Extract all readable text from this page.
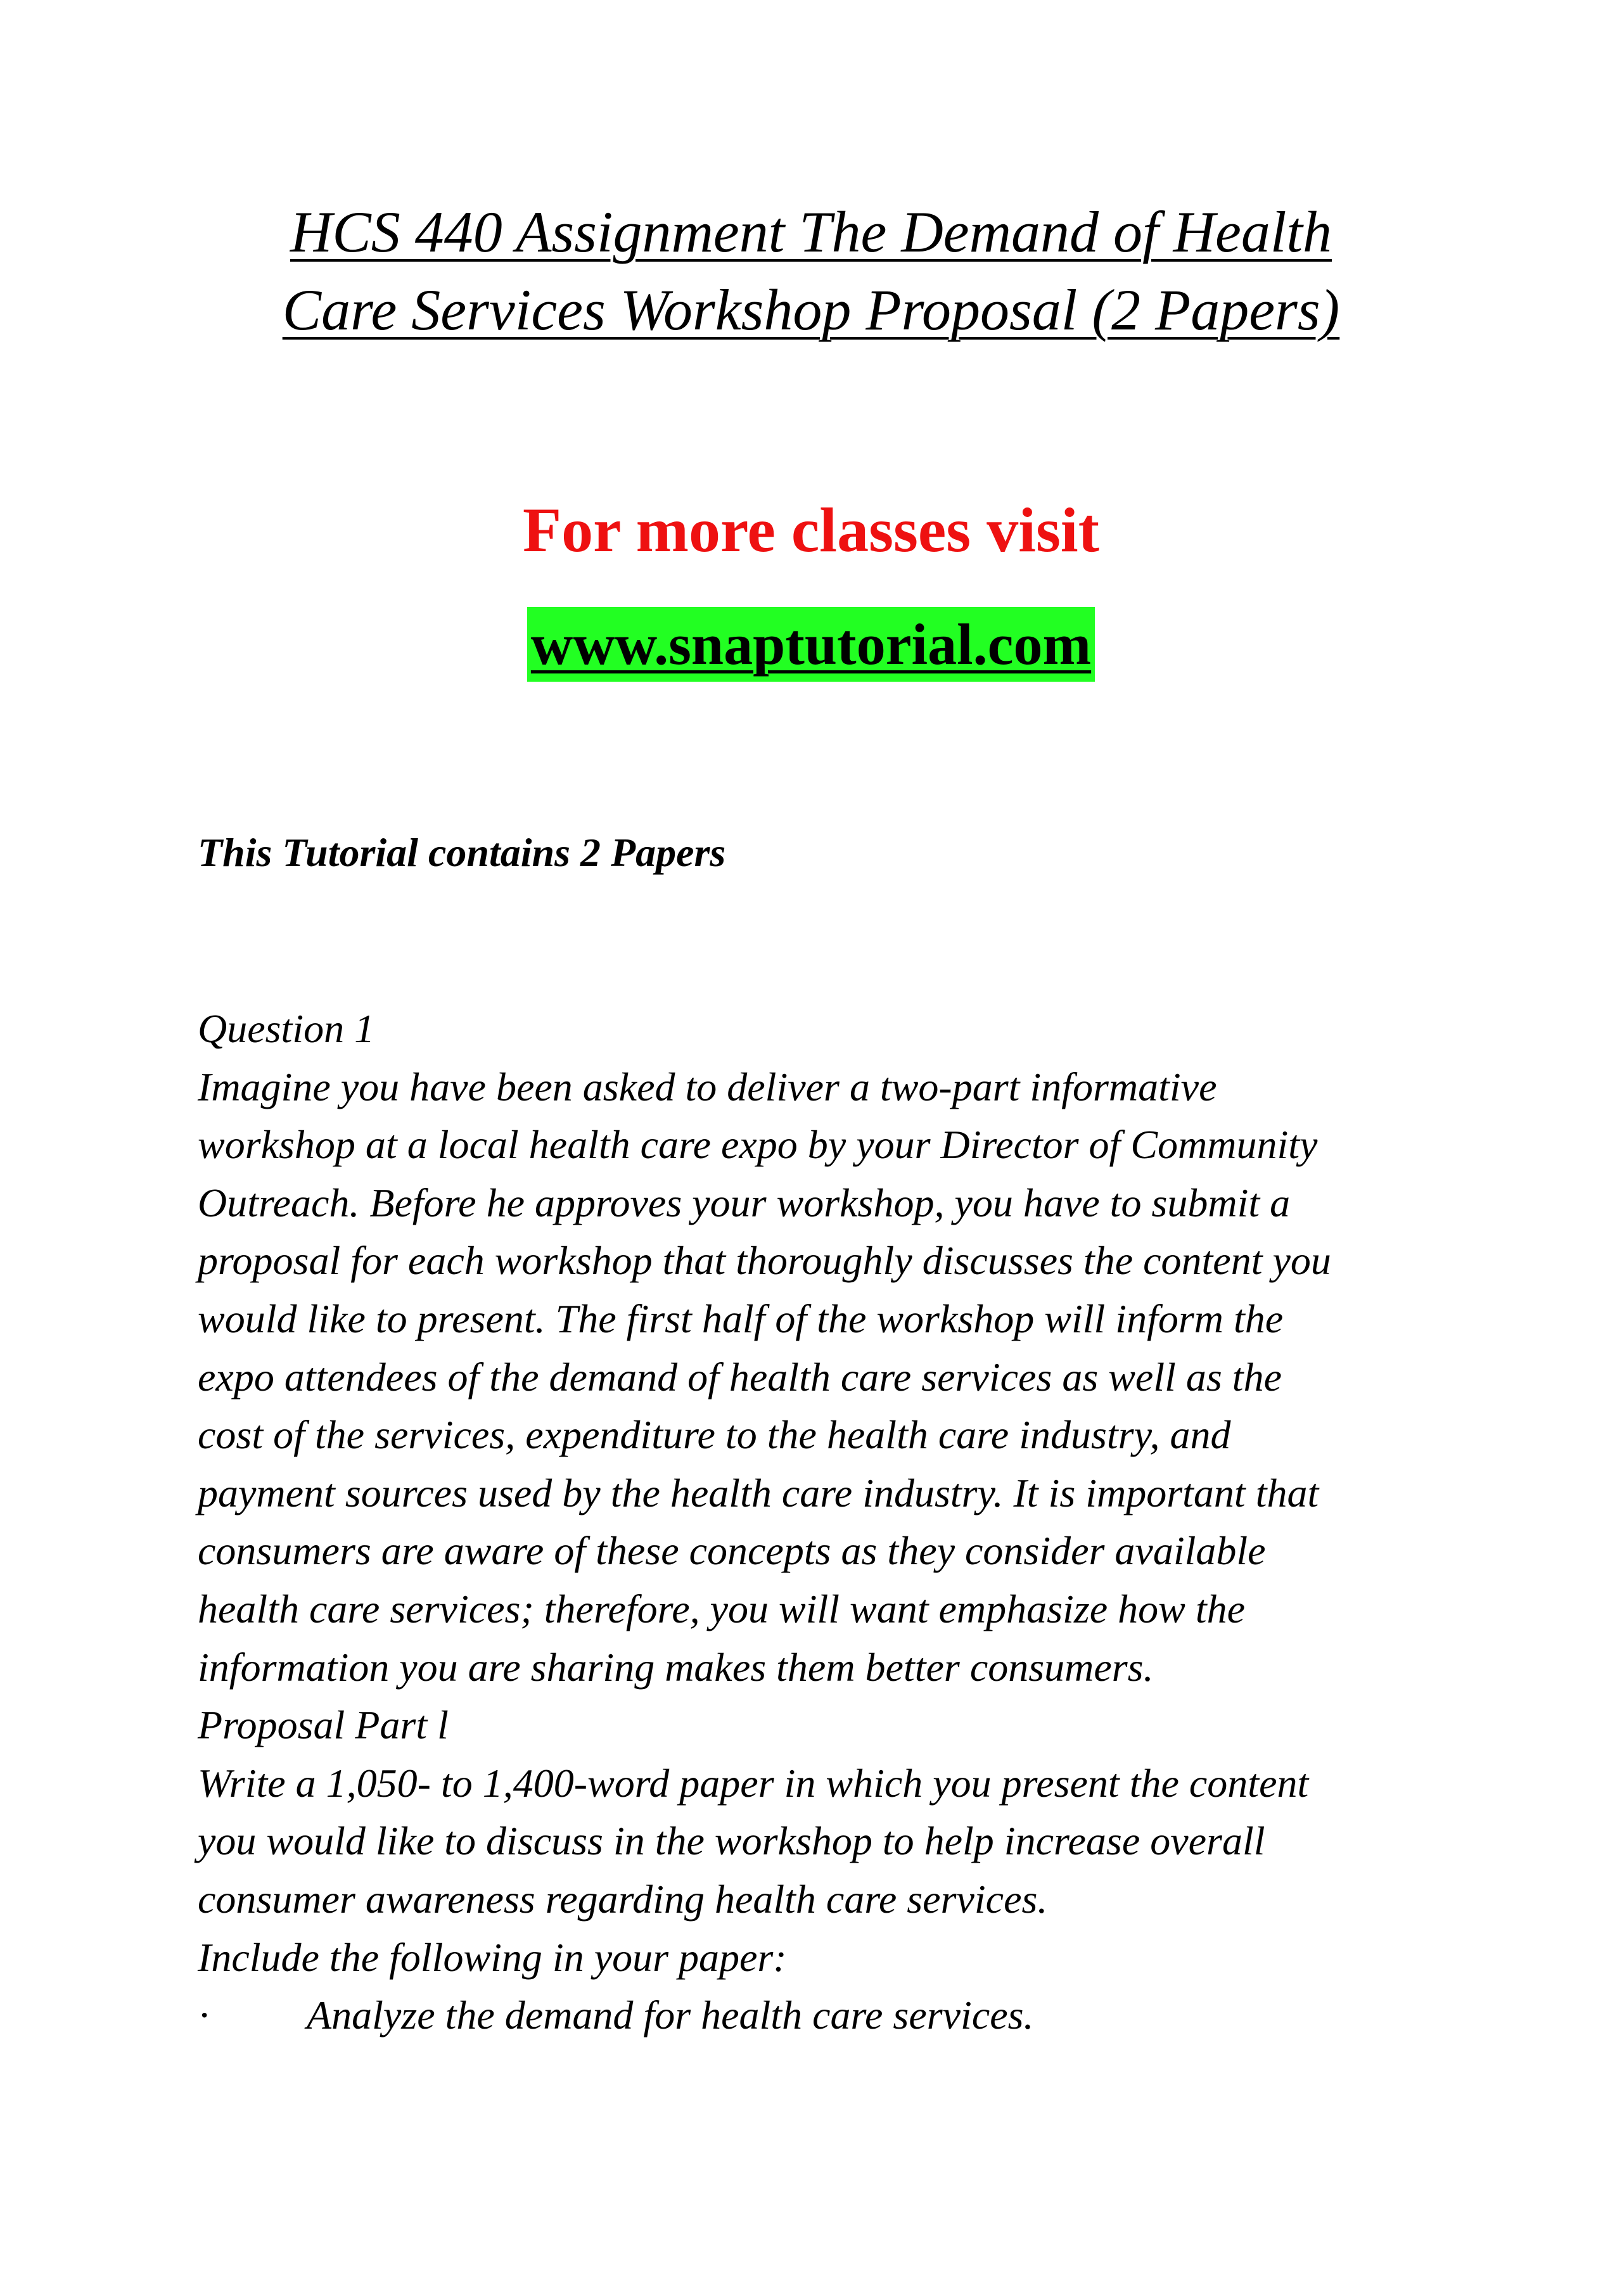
HCS 440 Assignment The Demand of Health
Care Services Workshop Proposal (2 Papers)

For more classes visit

www.snaptutorial.com

This Tutorial contains 2 Papers

Question 1
Imagine you have been asked to deliver a two-part informative
workshop at a local health care expo by your Director of Community
Outreach. Before he approves your workshop, you have to submit a
proposal for each workshop that thoroughly discusses the content you
would like to present. The first half of the workshop will inform the
expo attendees of the demand of health care services as well as the
cost of the services, expenditure to the health care industry, and
payment sources used by the health care industry. It is important that
consumers are aware of these concepts as they consider available
health care services; therefore, you will want emphasize how the
information you are sharing makes them better consumers.
Proposal Part l
Write a 1,050- to 1,400-word paper in which you present the content
you would like to discuss in the workshop to help increase overall
consumer awareness regarding health care services.
Include the following in your paper:
·	Analyze the demand for health care services.
